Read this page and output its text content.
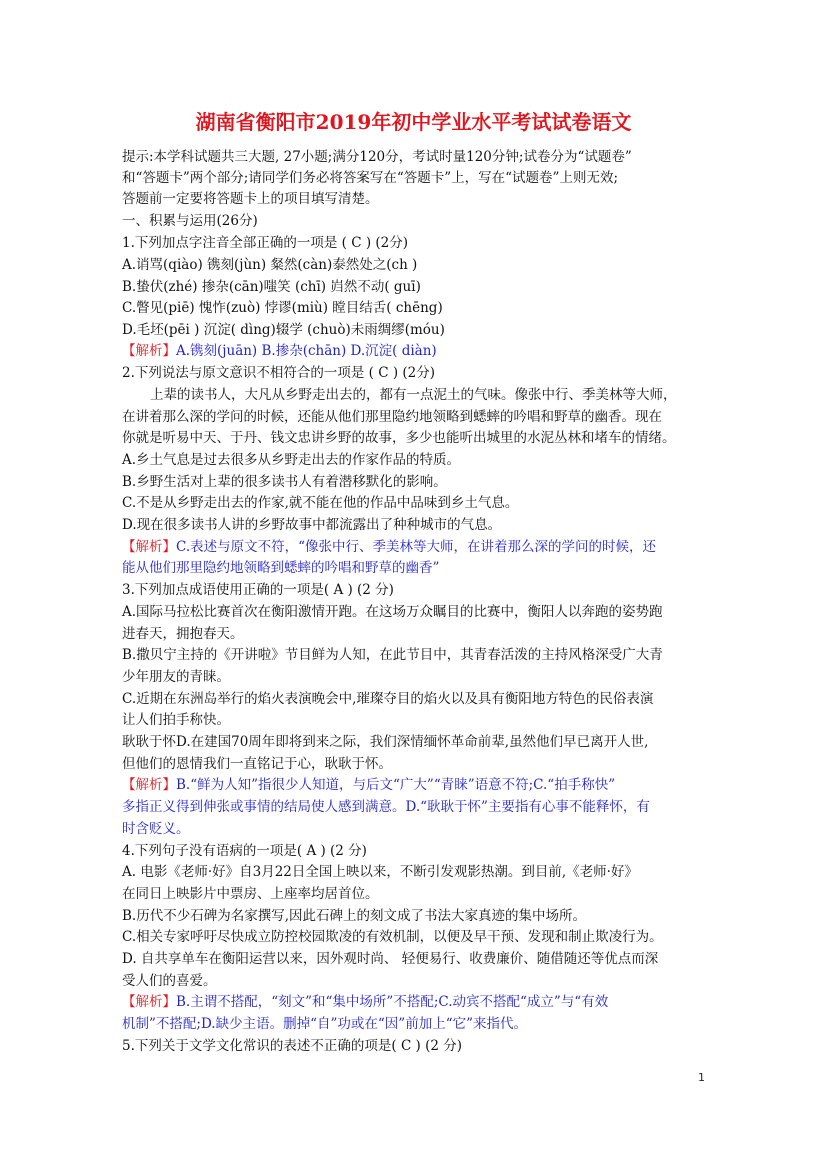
湖南省衡阳市2019年初中学业水平考试试卷语文
提示:本学科试题共三大题, 27小题;满分120分，考试时量120分钟;试卷分为“试题卷”
和“答题卡”两个部分;请同学们务必将答案写在“答题卡”上，写在“试题卷”上则无效;
答题前一定要将答题卡上的项目填写清楚。
一、积累与运用(26分)
1.下列加点字注音全部正确的一项是 ( C ) (2分)
A.诮骂(qiào) 镌刻(jùn) 粲然(càn)泰然处之(ch )
B.蛰伏(zhé) 掺杂(cān)嗤笑 (chī) 岿然不动( guī)
C.瞥见(piē) 愧怍(zuò) 悖谬(miù) 瞠目结舌( chēng)
D.毛坯(pēi ) 沉淀( dìng)辍学 (chuò)未雨绸缪(móu)
【解析】A.镌刻(juān) B.掺杂(chān) D.沉淀( diàn)
2.下列说法与原文意识不相符合的一项是 ( C ) (2分)
上辈的读书人，大凡从乡野走出去的，都有一点泥土的气味。像张中行、季美林等大师，
在讲着那么深的学问的时候，还能从他们那里隐约地领略到蟋蟀的吟唱和野草的幽香。现在
你就是听易中天、于丹、钱文忠讲乡野的故事，多少也能听出城里的水泥丛林和堵车的情绪。
A.乡土气息是过去很多从乡野走出去的作家作品的特质。
B.乡野生活对上辈的很多读书人有着潜移默化的影响。
C.不是从乡野走出去的作家,就不能在他的作品中品味到乡土气息。
D.现在很多读书人讲的乡野故事中都流露出了种种城市的气息。
【解析】C.表述与原文不符，“像张中行、季美林等大师，在讲着那么深的学问的时候，还
能从他们那里隐约地领略到蟋蟀的吟唱和野草的幽香”
3.下列加点成语使用正确的一项是( A ) (2 分)
A.国际马拉松比赛首次在衡阳激情开跑。在这场万众瞩目的比赛中，衡阳人以奔跑的姿势跑
进春天，拥抱春天。
B.撒贝宁主持的《开讲啦》节目鲜为人知，在此节目中，其青春活泼的主持风格深受广大青
少年朋友的青睐。
C.近期在东洲岛举行的焰火表演晚会中,璀璨夺目的焰火以及具有衡阳地方特色的民俗表演
让人们拍手称快。
耿耿于怀D.在建国70周年即将到来之际，我们深情缅怀革命前辈,虽然他们早已离开人世,
但他们的恩情我们一直铭记于心，耿耿于怀。
【解析】B.“鲜为人知”指很少人知道，与后文“广大”“青睐”语意不符;C.“拍手称快”
多指正义得到伸张或事情的结局使人感到满意。D.“耿耿于怀”主要指有心事不能释怀，有
时含贬义。
4.下列句子没有语病的一项是( A ) (2 分)
A. 电影《老师·好》自3月22日全国上映以来，不断引发观影热潮。到目前,《老师·好》
在同日上映影片中票房、上座率均居首位。
B.历代不少石碑为名家撰写,因此石碑上的刻文成了书法大家真迹的集中场所。
C.相关专家呼吁尽快成立防控校园欺凌的有效机制，以便及早干预、发现和制止欺凌行为。
D. 自共享单车在衡阳运营以来，因外观时尚、 轻便易行、收费廉价、随借随还等优点而深
受人们的喜爱。
【解析】B.主谓不搭配，“刻文”和“集中场所”不搭配;C.动宾不搭配“成立”与“有效
机制”不搭配;D.缺少主语。删掉“自”功或在“因”前加上“它”来指代。
5.下列关于文学文化常识的表述不正确的项是( C ) (2 分)
1
